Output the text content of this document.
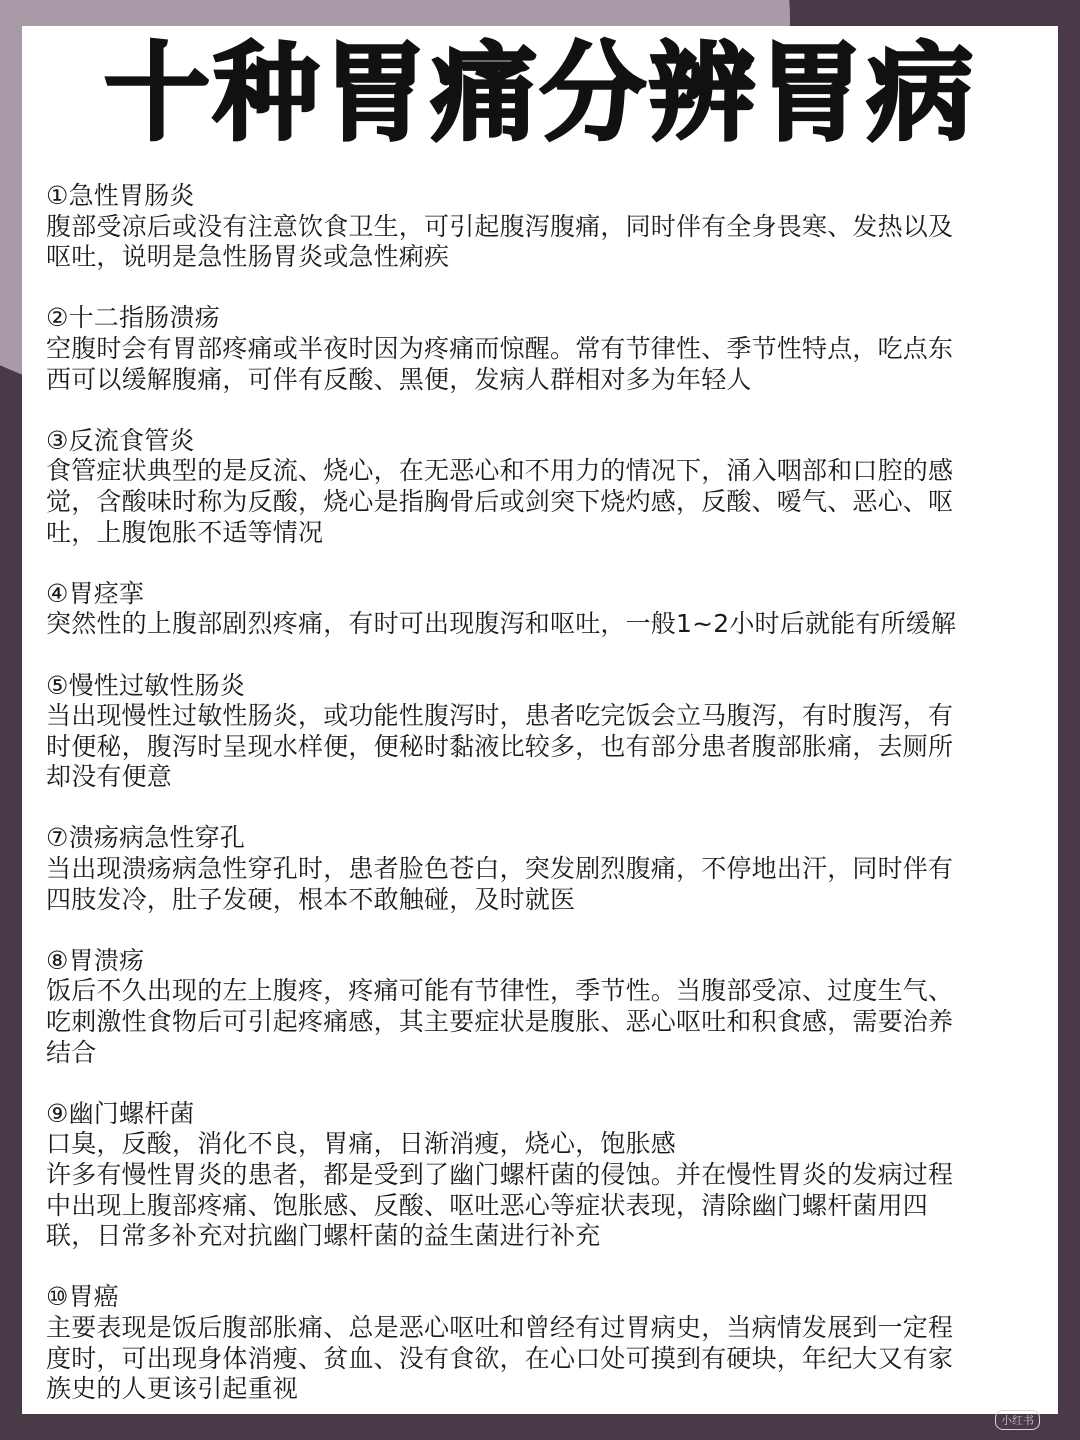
十种胃痛分辨胃病

①急性胃肠炎

腹部受凉后或没有注意饮食卫生，可引起腹泻腹痛，同时伴有全身畏寒、发热以及

呕吐，说明是急性肠胃炎或急性痢疾

②十二指肠溃疡

空腹时会有胃部疼痛或半夜时因为疼痛而惊醒。常有节律性、季节性特点，吃点东

西可以缓解腹痛，可伴有反酸、黑便，发病人群相对多为年轻人

③反流食管炎

食管症状典型的是反流、烧心，在无恶心和不用力的情况下，涌入咽部和口腔的感

觉，含酸味时称为反酸，烧心是指胸骨后或剑突下烧灼感，反酸、嗳气、恶心、呕

吐，上腹饱胀不适等情况

④胃痉挛

突然性的上腹部剧烈疼痛，有时可出现腹泻和呕吐，一般1~2小时后就能有所缓解

⑤慢性过敏性肠炎

当出现慢性过敏性肠炎，或功能性腹泻时，患者吃完饭会立马腹泻，有时腹泻，有

时便秘，腹泻时呈现水样便，便秘时黏液比较多，也有部分患者腹部胀痛，去厕所

却没有便意

⑦溃疡病急性穿孔

当出现溃疡病急性穿孔时，患者脸色苍白，突发剧烈腹痛，不停地出汗，同时伴有

四肢发冷，肚子发硬，根本不敢触碰，及时就医

⑧胃溃疡

饭后不久出现的左上腹疼，疼痛可能有节律性，季节性。当腹部受凉、过度生气、

吃刺激性食物后可引起疼痛感，其主要症状是腹胀、恶心呕吐和积食感，需要治养

结合

⑨幽门螺杆菌

口臭，反酸，消化不良，胃痛，日渐消瘦，烧心，饱胀感

许多有慢性胃炎的患者，都是受到了幽门螺杆菌的侵蚀。并在慢性胃炎的发病过程

中出现上腹部疼痛、饱胀感、反酸、呕吐恶心等症状表现，清除幽门螺杆菌用四

联，日常多补充对抗幽门螺杆菌的益生菌进行补充

⑩胃癌

主要表现是饭后腹部胀痛、总是恶心呕吐和曾经有过胃病史，当病情发展到一定程

度时，可出现身体消瘦、贫血、没有食欲，在心口处可摸到有硬块，年纪大又有家

族史的人更该引起重视

小红书
